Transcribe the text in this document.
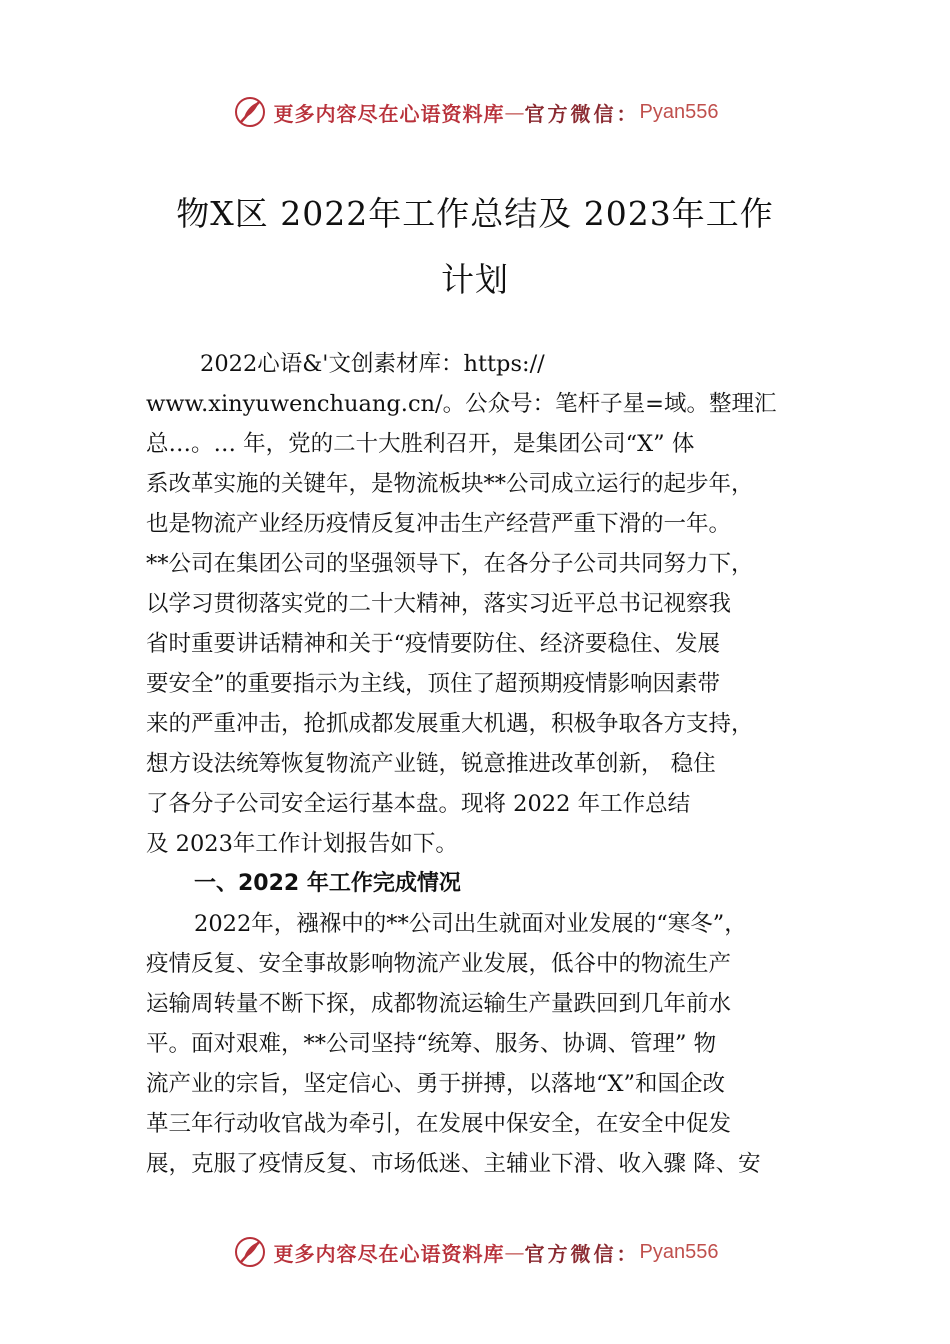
更多内容尽在心语资料库 — 官方微信： Pyan556
物X区 2022年工作总结及 2023年工作
计划
2022心语&'文创素材库：https://
www.xinyuwenchuang.cn/。公众号：笔杆子星=域。整理汇
总…。… 年，党的二十大胜利召开，是集团公司“X” 体
系改革实施的关键年，是物流板块**公司成立运行的起步年，
也是物流产业经历疫情反复冲击生产经营严重下滑的一年。
**公司在集团公司的坚强领导下，在各分子公司共同努力下，
以学习贯彻落实党的二十大精神，落实习近平总书记视察我
省时重要讲话精神和关于“疫情要防住、经济要稳住、发展
要安全”的重要指示为主线，顶住了超预期疫情影响因素带
来的严重冲击，抢抓成都发展重大机遇，积极争取各方支持，
想方设法统筹恢复物流产业链，锐意推进改革创新， 稳住
了各分子公司安全运行基本盘。现将 2022 年工作总结
及 2023年工作计划报告如下。
一、2022 年工作完成情况
2022年，襁褓中的**公司出生就面对业发展的“寒冬”，
疫情反复、安全事故影响物流产业发展，低谷中的物流生产
运输周转量不断下探，成都物流运输生产量跌回到几年前水
平。面对艰难，**公司坚持“统筹、服务、协调、管理” 物
流产业的宗旨，坚定信心、勇于拼搏，以落地“X”和国企改
革三年行动收官战为牵引，在发展中保安全，在安全中促发
展，克服了疫情反复、市场低迷、主辅业下滑、收入骤 降、安
更多内容尽在心语资料库 — 官方微信： Pyan556
